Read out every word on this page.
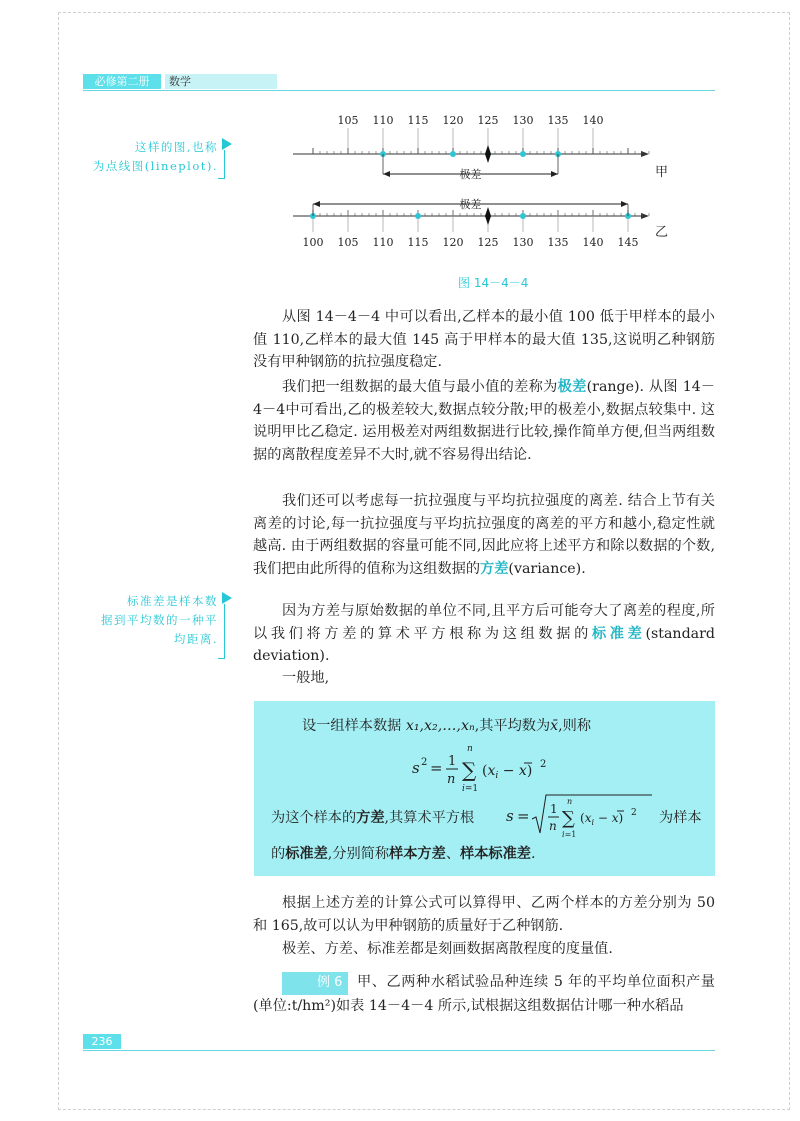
必修第二册	数学
这样的图,也称
为点线图(lineplot).
105 110 115 120 125 130 135 140
极差
100 105 110 115 120 125 130 135 140 145
极差
甲
乙
图 14－4－4

从图 14－4－4 中可以看出,乙样本的最小值 100 低于甲样本的最小值 110,乙样本的最大值 145 高于甲样本的最大值 135,这说明乙种钢筋没有甲种钢筋的抗拉强度稳定.

我们把一组数据的最大值与最小值的差称为极差(range). 从图 14－4－4中可看出,乙的极差较大,数据点较分散;甲的极差小,数据点较集中. 这说明甲比乙稳定. 运用极差对两组数据进行比较,操作简单方便,但当两组数据的离散程度差异不大时,就不容易得出结论.

我们还可以考虑每一抗拉强度与平均抗拉强度的离差. 结合上节有关离差的讨论,每一抗拉强度与平均抗拉强度的离差的平方和越小,稳定性就越高. 由于两组数据的容量可能不同,因此应将上述平方和除以数据的个数,我们把由此所得的值称为这组数据的方差(variance).

标准差是样本数
据到平均数的一种平
均距离.

因为方差与原始数据的单位不同,且平方后可能夸大了离差的程度,所以我们将方差的算术平方根称为这组数据的标准差(standard deviation).

一般地,

设一组样本数据 x₁,x₂,…,xₙ,其平均数为x̄,则称
s 2 = 1
n
n
∑
i=1
$(x_i - x)$ 2
为这个样本的方差,其算术平方根 s = 1
n
n
∑
i=1
$(x_i - x)$ 2 为样本
的标准差,分别简称样本方差、样本标准差.

根据上述方差的计算公式可以算得甲、乙两个样本的方差分别为 50 和 165,故可以认为甲种钢筋的质量好于乙种钢筋.

极差、方差、标准差都是刻画数据离散程度的度量值.

例 6 甲、乙两种水稻试验品种连续 5 年的平均单位面积产量(单位:t/hm²)如表 14－4－4 所示,试根据这组数据估计哪一种水稻品

236
